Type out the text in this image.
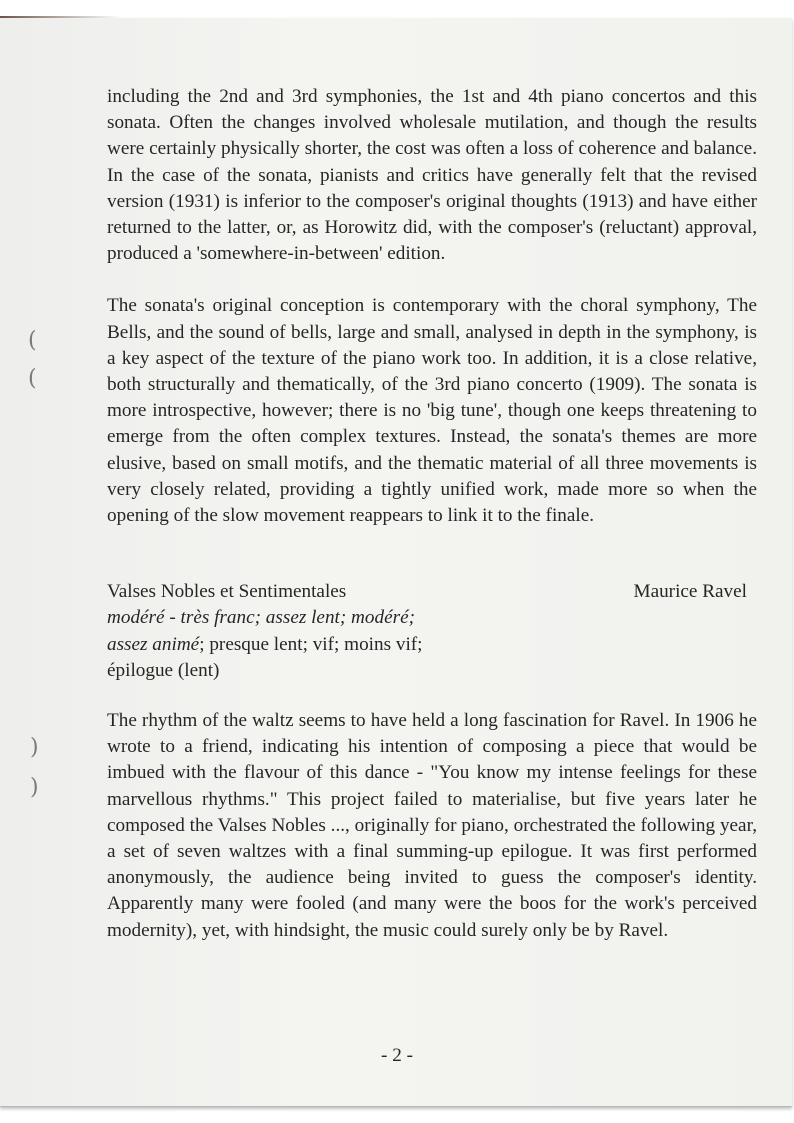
(
(
)
)

including the 2nd and 3rd symphonies, the 1st and 4th piano concertos and this sonata. Often the changes involved wholesale mutilation, and though the results were certainly physically shorter, the cost was often a loss of coherence and balance. In the case of the sonata, pianists and critics have generally felt that the revised version (1931) is inferior to the composer's original thoughts (1913) and have either returned to the latter, or, as Horowitz did, with the composer's (reluctant) approval, produced a 'somewhere-in-between' edition.

The sonata's original conception is contemporary with the choral symphony, The Bells, and the sound of bells, large and small, analysed in depth in the symphony, is a key aspect of the texture of the piano work too. In addition, it is a close relative, both structurally and thematically, of the 3rd piano concerto (1909). The sonata is more introspective, however; there is no 'big tune', though one keeps threatening to emerge from the often complex textures. Instead, the sonata's themes are more elusive, based on small motifs, and the thematic material of all three movements is very closely related, providing a tightly unified work, made more so when the opening of the slow movement reappears to link it to the finale.

Valses Nobles et Sentimentales	Maurice Ravel
modéré - très franc; assez lent; modéré;
assez animé; presque lent; vif; moins vif;
épilogue (lent)

The rhythm of the waltz seems to have held a long fascination for Ravel. In 1906 he wrote to a friend, indicating his intention of composing a piece that would be imbued with the flavour of this dance - "You know my intense feelings for these marvellous rhythms." This project failed to materialise, but five years later he composed the Valses Nobles ..., originally for piano, orchestrated the following year, a set of seven waltzes with a final summing-up epilogue. It was first performed anonymously, the audience being invited to guess the composer's identity. Apparently many were fooled (and many were the boos for the work's perceived modernity), yet, with hindsight, the music could surely only be by Ravel.

- 2 -
